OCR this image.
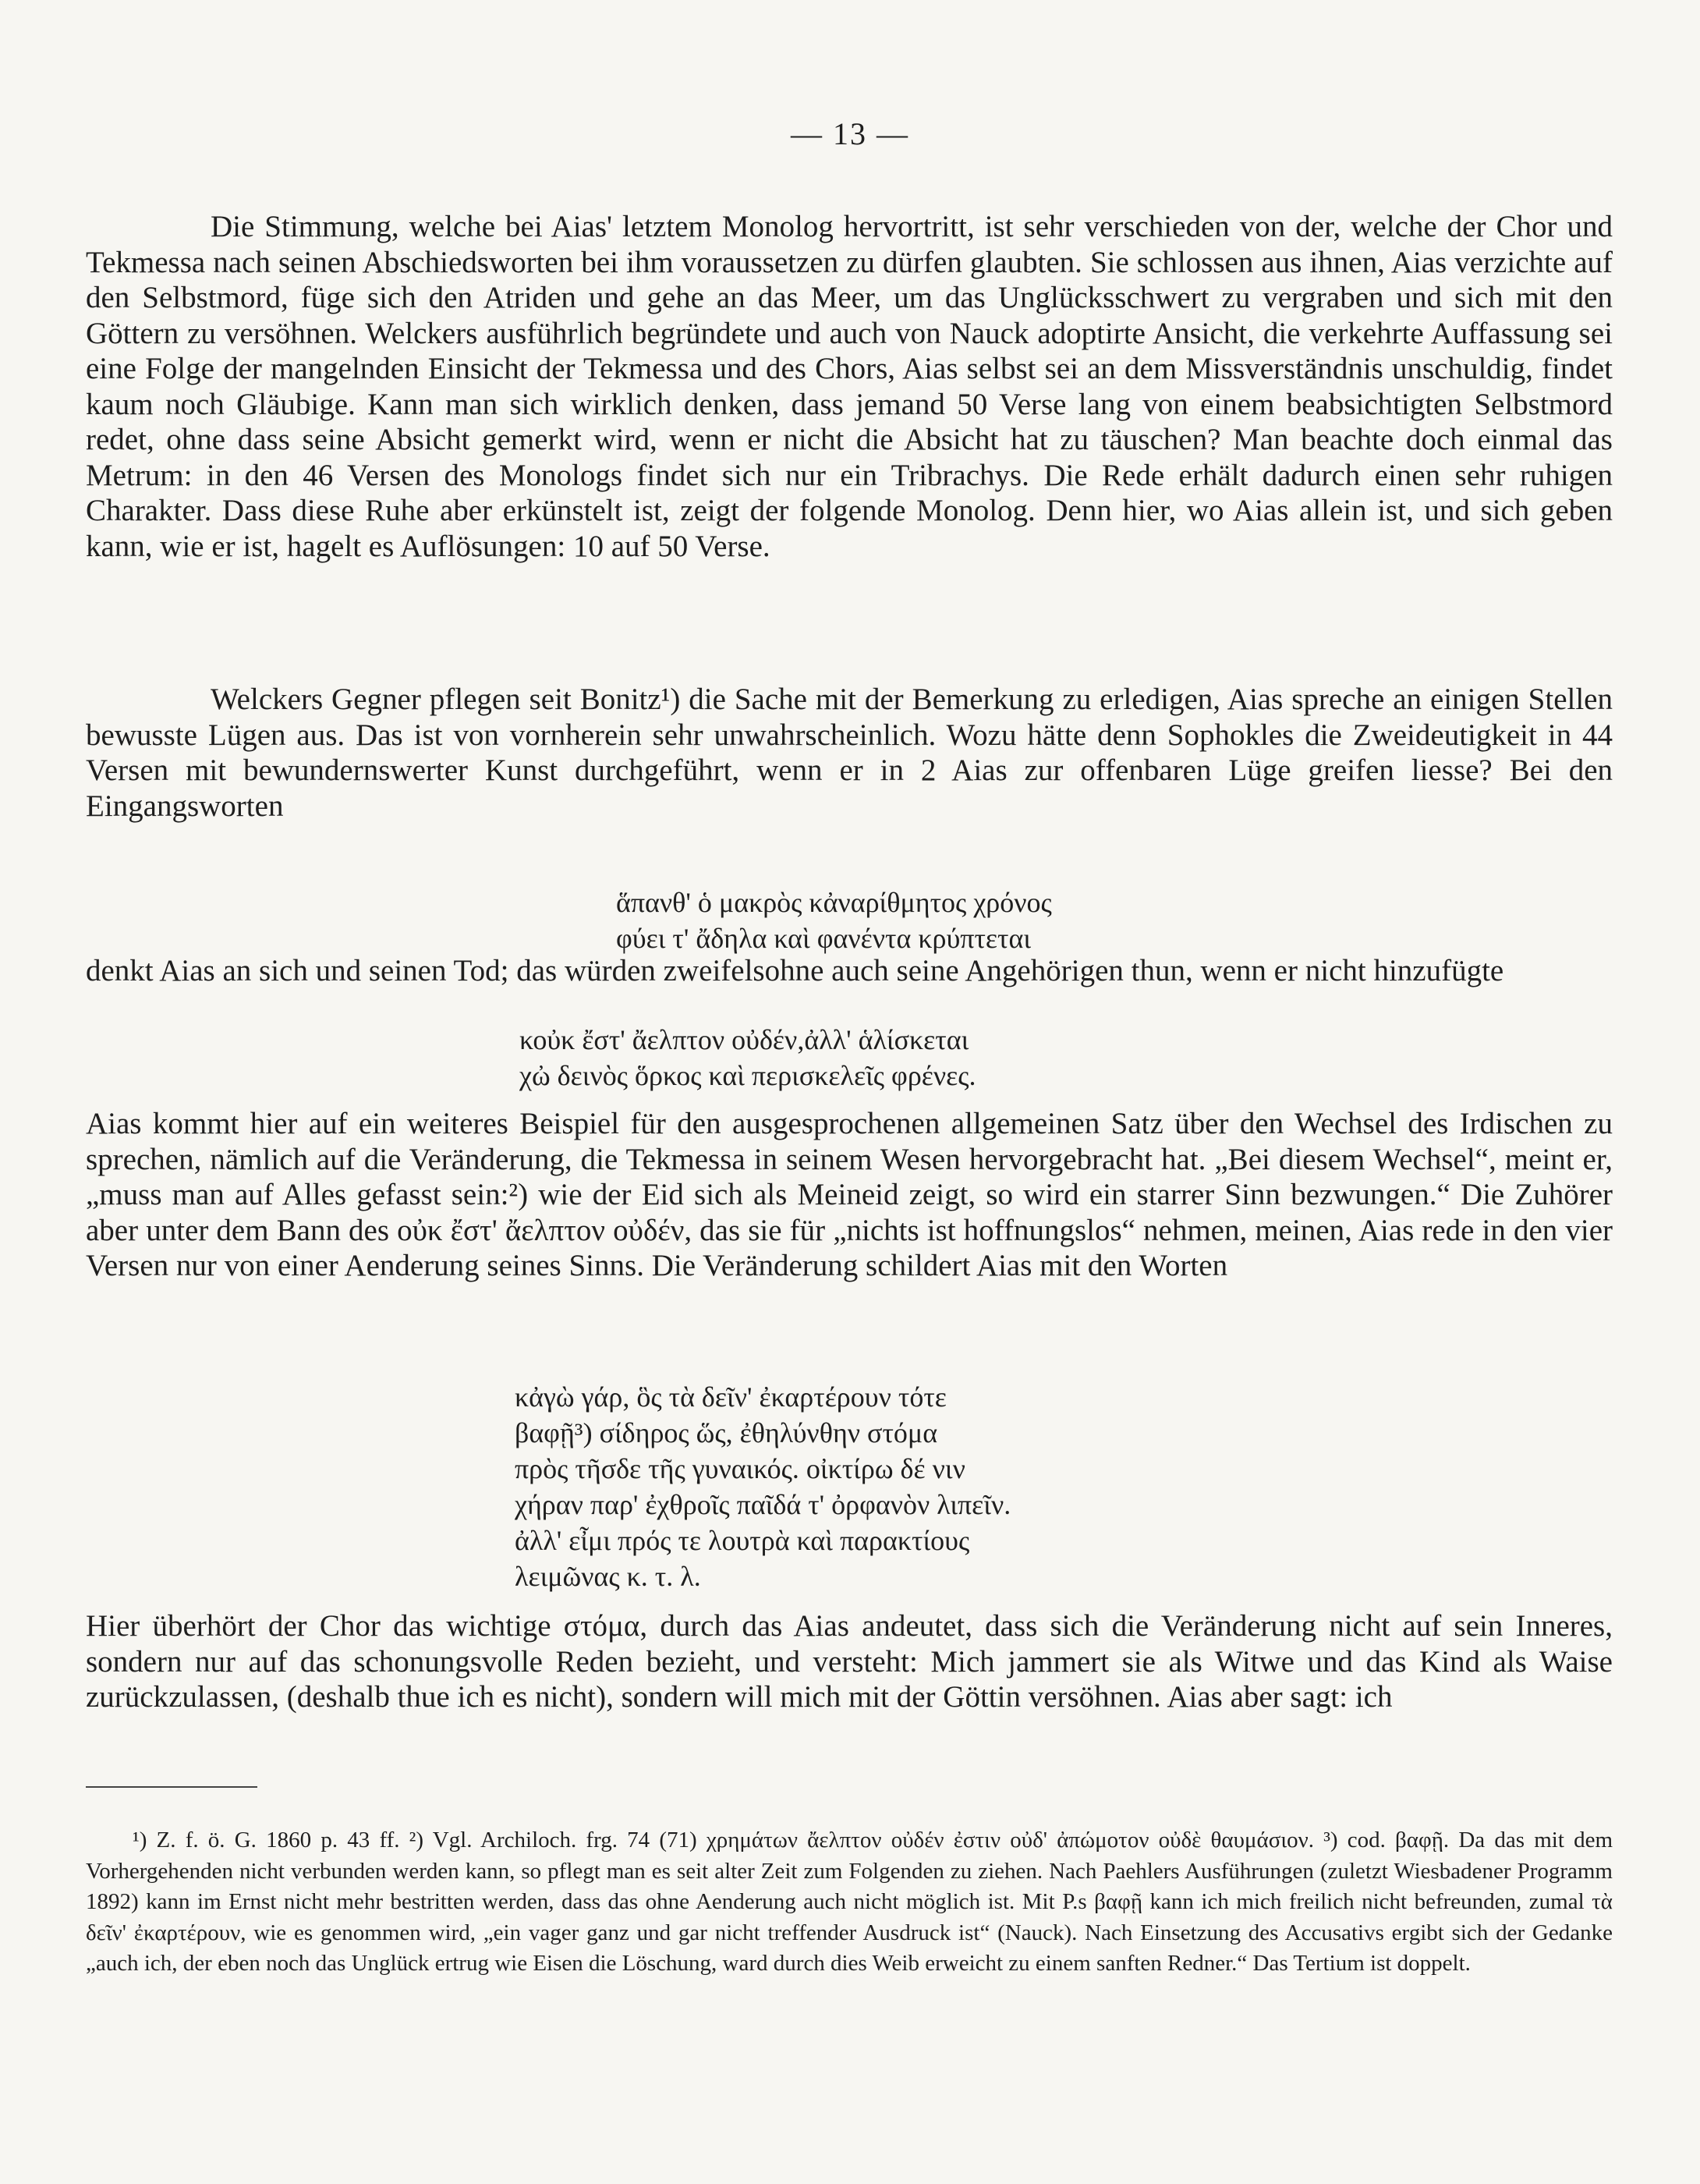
— 13 —

Die Stimmung, welche bei Aias' letztem Monolog hervortritt, ist sehr verschieden von der, welche der Chor und Tekmessa nach seinen Abschiedsworten bei ihm voraussetzen zu dürfen glaubten. Sie schlossen aus ihnen, Aias verzichte auf den Selbstmord, füge sich den Atriden und gehe an das Meer, um das Unglücksschwert zu vergraben und sich mit den Göttern zu versöhnen. Welckers ausführlich begründete und auch von Nauck adoptirte Ansicht, die verkehrte Auffassung sei eine Folge der mangelnden Einsicht der Tekmessa und des Chors, Aias selbst sei an dem Missverständnis unschuldig, findet kaum noch Gläubige. Kann man sich wirklich denken, dass jemand 50 Verse lang von einem beabsichtigten Selbstmord redet, ohne dass seine Absicht gemerkt wird, wenn er nicht die Absicht hat zu täuschen? Man beachte doch einmal das Metrum: in den 46 Versen des Monologs findet sich nur ein Tribrachys. Die Rede erhält dadurch einen sehr ruhigen Charakter. Dass diese Ruhe aber erkünstelt ist, zeigt der folgende Monolog. Denn hier, wo Aias allein ist, und sich geben kann, wie er ist, hagelt es Auflösungen: 10 auf 50 Verse.

Welckers Gegner pflegen seit Bonitz¹) die Sache mit der Bemerkung zu erledigen, Aias spreche an einigen Stellen bewusste Lügen aus. Das ist von vornherein sehr unwahrscheinlich. Wozu hätte denn Sophokles die Zweideutigkeit in 44 Versen mit bewundernswerter Kunst durchgeführt, wenn er in 2 Aias zur offenbaren Lüge greifen liesse? Bei den Eingangsworten

ἅπανθ' ὁ μακρὸς κἀναρίθμητος χρόνος
φύει τ' ἄδηλα καὶ φανέντα κρύπτεται

denkt Aias an sich und seinen Tod; das würden zweifelsohne auch seine Angehörigen thun, wenn er nicht hinzufügte

κοὐκ ἔστ' ἄελπτον οὐδέν,ἀλλ' ἁλίσκεται
χὠ δεινὸς ὅρκος καὶ περισκελεῖς φρένες.

Aias kommt hier auf ein weiteres Beispiel für den ausgesprochenen allgemeinen Satz über den Wechsel des Irdischen zu sprechen, nämlich auf die Veränderung, die Tekmessa in seinem Wesen hervorgebracht hat. „Bei diesem Wechsel“, meint er, „muss man auf Alles gefasst sein:²) wie der Eid sich als Meineid zeigt, so wird ein starrer Sinn bezwungen.“ Die Zuhörer aber unter dem Bann des οὐκ ἔστ' ἄελπτον οὐδέν, das sie für „nichts ist hoffnungslos“ nehmen, meinen, Aias rede in den vier Versen nur von einer Aenderung seines Sinns. Die Veränderung schildert Aias mit den Worten

κἀγὼ γάρ, ὃς τὰ δεῖν' ἐκαρτέρουν τότε
βαφῇ³) σίδηρος ὥς, ἐθηλύνθην στόμα
πρὸς τῆσδε τῆς γυναικός. οἰκτίρω δέ νιν
χήραν παρ' ἐχθροῖς παῖδά τ' ὀρφανὸν λιπεῖν.
ἀλλ' εἶμι πρός τε λουτρὰ καὶ παρακτίους
λειμῶνας κ. τ. λ.

Hier überhört der Chor das wichtige στόμα, durch das Aias andeutet, dass sich die Veränderung nicht auf sein Inneres, sondern nur auf das schonungsvolle Reden bezieht, und versteht: Mich jammert sie als Witwe und das Kind als Waise zurückzulassen, (deshalb thue ich es nicht), sondern will mich mit der Göttin versöhnen. Aias aber sagt: ich

¹) Z. f. ö. G. 1860 p. 43 ff. ²) Vgl. Archiloch. frg. 74 (71) χρημάτων ἄελπτον οὐδέν ἐστιν οὐδ' ἀπώμοτον οὐδὲ θαυμάσιον. ³) cod. βαφῇ. Da das mit dem Vorhergehenden nicht verbunden werden kann, so pflegt man es seit alter Zeit zum Folgenden zu ziehen. Nach Paehlers Ausführungen (zuletzt Wiesbadener Programm 1892) kann im Ernst nicht mehr bestritten werden, dass das ohne Aenderung auch nicht möglich ist. Mit P.s βαφῇ kann ich mich freilich nicht befreunden, zumal τὰ δεῖν' ἐκαρτέρουν, wie es genommen wird, „ein vager ganz und gar nicht treffender Ausdruck ist“ (Nauck). Nach Einsetzung des Accusativs ergibt sich der Gedanke „auch ich, der eben noch das Unglück ertrug wie Eisen die Löschung, ward durch dies Weib erweicht zu einem sanften Redner.“ Das Tertium ist doppelt.
